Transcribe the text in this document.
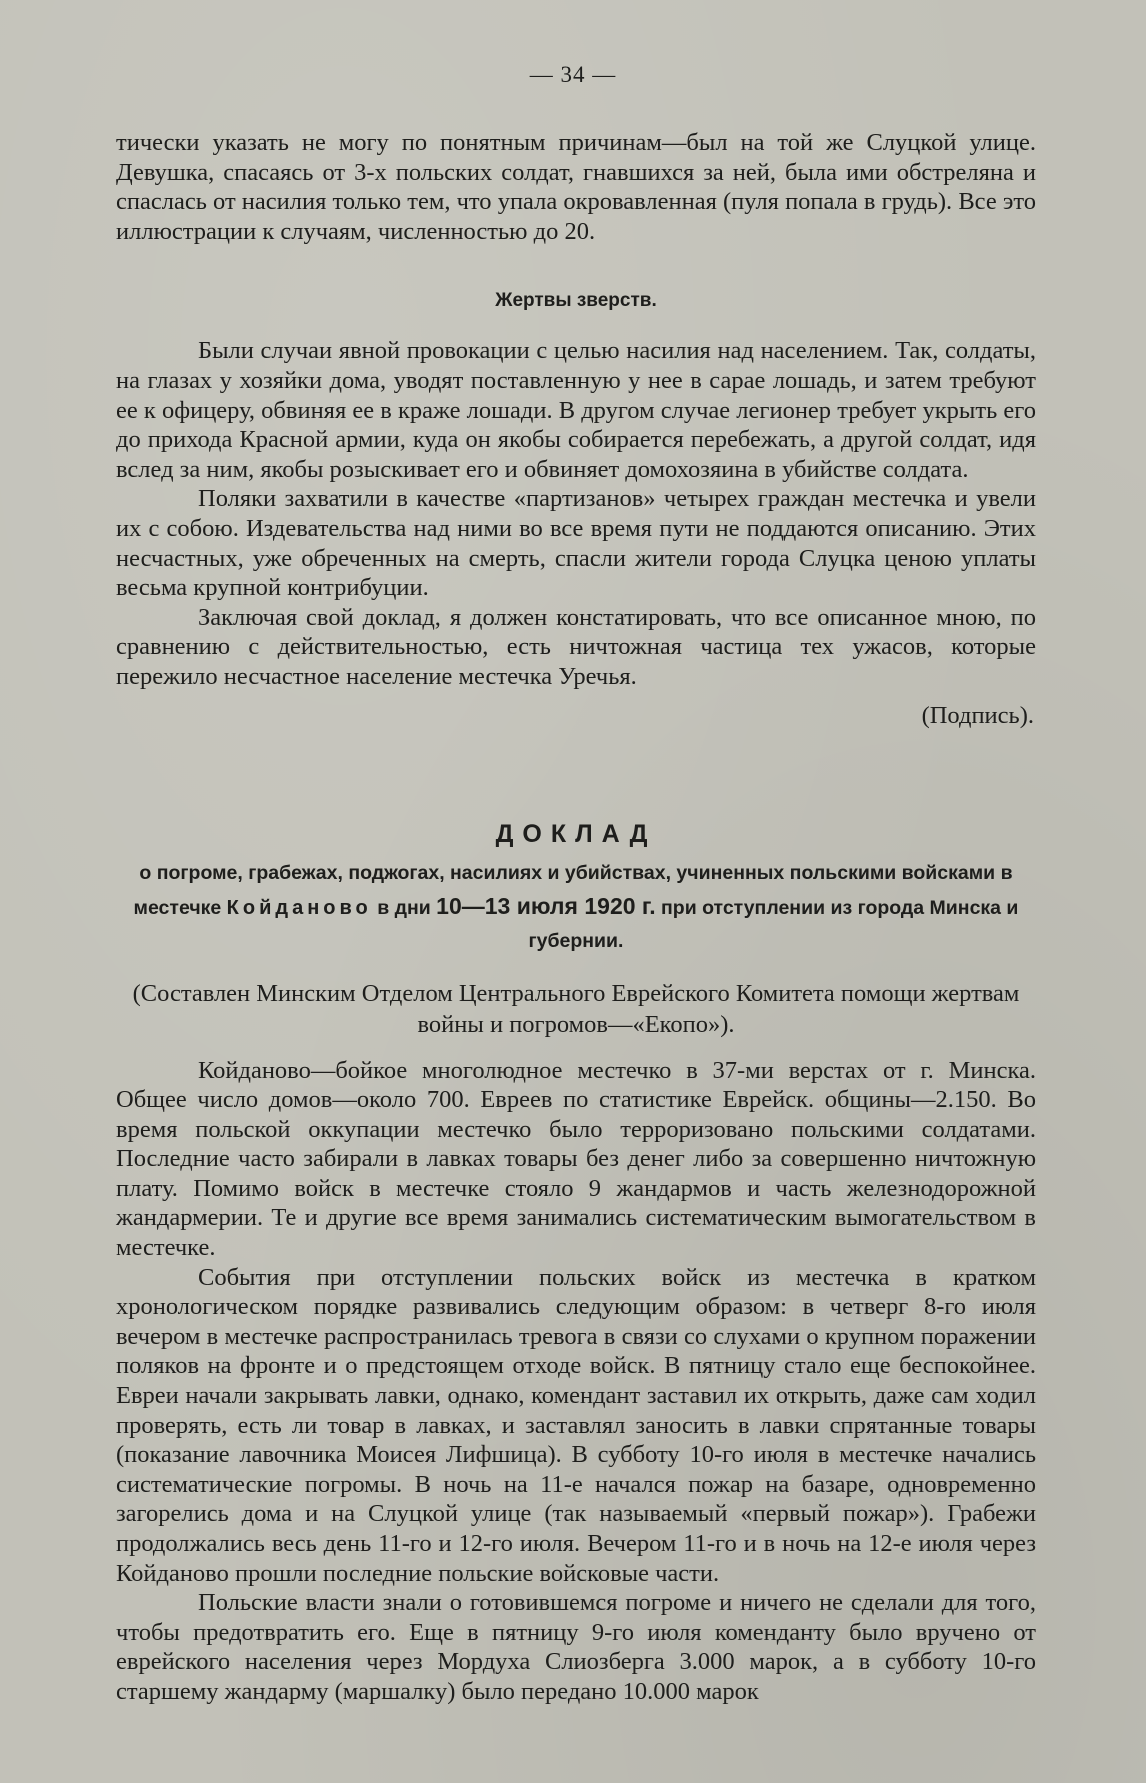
— 34 —

тически указать не могу по понятным причинам—был на той же Слуцкой улице. Девушка, спасаясь от 3-х польских солдат, гнавшихся за ней, была ими обстреляна и спаслась от насилия только тем, что упала окровавленная (пуля попала в грудь). Все это иллюстрации к случаям, численностью до 20.

Жертвы зверств.

Были случаи явной провокации с целью насилия над населением. Так, солдаты, на глазах у хозяйки дома, уводят поставленную у нее в сарае лошадь, и затем требуют ее к офицеру, обвиняя ее в краже лошади. В другом случае легионер требует укрыть его до прихода Красной армии, куда он якобы собирается перебежать, а другой солдат, идя вслед за ним, якобы розыскивает его и обвиняет домохозяина в убийстве солдата.

Поляки захватили в качестве «партизанов» четырех граждан местечка и увели их с собою. Издевательства над ними во все время пути не поддаются описанию. Этих несчастных, уже обреченных на смерть, спасли жители города Слуцка ценою уплаты весьма крупной контрибуции.

Заключая свой доклад, я должен констатировать, что все описанное мною, по сравнению с действительностью, есть ничтожная частица тех ужасов, которые пережило несчастное население местечка Уречья.

(Подпись).
ДОКЛАД
о погроме, грабежах, поджогах, насилиях и убийствах, учиненных польскими войсками в местечке Койданово в дни 10—13 июля 1920 г. при отступлении из города Минска и губернии.
(Составлен Минским Отделом Центрального Еврейского Комитета помощи жертвам войны и погромов—«Екопо»).

Койданово—бойкое многолюдное местечко в 37-ми верстах от г. Минска. Общее число домов—около 700. Евреев по статистике Еврейск. общины—2.150. Во время польской оккупации местечко было терроризовано польскими солдатами. Последние часто забирали в лавках товары без денег либо за совершенно ничтожную плату. Помимо войск в местечке стояло 9 жандармов и часть железнодорожной жандармерии. Те и другие все время занимались систематическим вымогательством в местечке.

События при отступлении польских войск из местечка в кратком хронологическом порядке развивались следующим образом: в четверг 8-го июля вечером в местечке распространилась тревога в связи со слухами о крупном поражении поляков на фронте и о предстоящем отходе войск. В пятницу стало еще беспокойнее. Евреи начали закрывать лавки, однако, комендант заставил их открыть, даже сам ходил проверять, есть ли товар в лавках, и заставлял заносить в лавки спрятанные товары (показание лавочника Моисея Лифшица). В субботу 10-го июля в местечке начались систематические погромы. В ночь на 11-е начался пожар на базаре, одновременно загорелись дома и на Слуцкой улице (так называемый «первый пожар»). Грабежи продолжались весь день 11-го и 12-го июля. Вечером 11-го и в ночь на 12-е июля через Койданово прошли последние польские войсковые части.

Польские власти знали о готовившемся погроме и ничего не сделали для того, чтобы предотвратить его. Еще в пятницу 9-го июля коменданту было вручено от еврейского населения через Мордуха Слиозберга 3.000 марок, а в субботу 10-го старшему жандарму (маршалку) было передано 10.000 марок
